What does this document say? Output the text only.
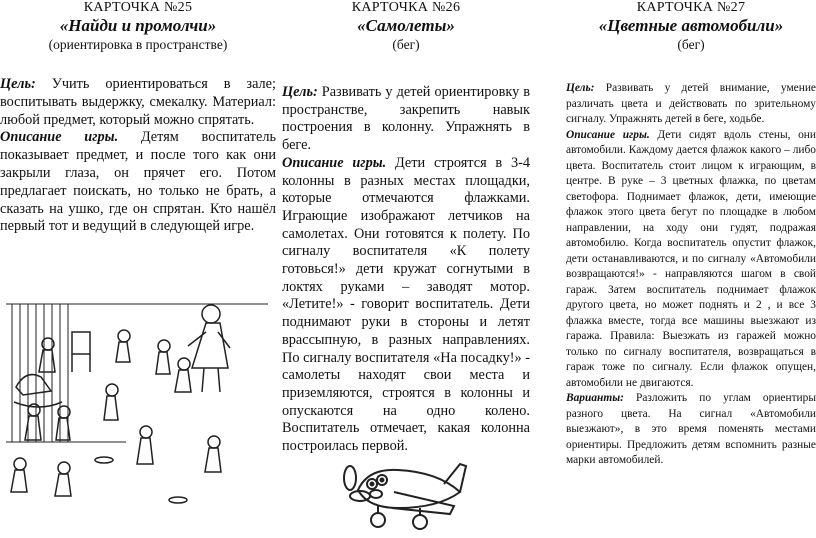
КАРТОЧКА №25
«Найди и промолчи»
(ориентировка в пространстве)
Цель: Учить ориентироваться в зале; воспитывать выдержку, смекалку. Материал: любой предмет, который можно спрятать.
Описание игры. Детям воспитатель показывает предмет, и после того как они закрыли глаза, он прячет его. Потом предлагает поискать, но только не брать, а сказать на ушко, где он спрятан. Кто нашёл первый тот и ведущий в следующей игре.
КАРТОЧКА №26
«Самолеты»
(бег)
Цель: Развивать у детей ориентировку в пространстве, закрепить навык построения в колонну. Упражнять в беге.
Описание игры. Дети строятся в 3-4 колонны в разных местах площадки, которые отмечаются флажками. Играющие изображают летчиков на самолетах. Они готовятся к полету. По сигналу воспитателя «К полету готовься!» дети кружат согнутыми в локтях руками – заводят мотор. «Летите!» - говорит воспитатель. Дети поднимают руки в стороны и летят врассыпную, в разных направлениях. По сигналу воспитателя «На посадку!» - самолеты находят свои места и приземляются, строятся в колонны и опускаются на одно колено. Воспитатель отмечает, какая колонна построилась первой.
КАРТОЧКА №27
«Цветные автомобили»
(бег)
Цель: Развивать у детей внимание, умение различать цвета и действовать по зрительному сигналу. Упражнять детей в беге, ходьбе.
Описание игры. Дети сидят вдоль стены, они автомобили. Каждому дается флажок какого – либо цвета. Воспитатель стоит лицом к играющим, в центре. В руке – 3 цветных флажка, по цветам светофора. Поднимает флажок, дети, имеющие флажок этого цвета бегут по площадке в любом направлении, на ходу они гудят, подражая автомобилю. Когда воспитатель опустит флажок, дети останавливаются, и по сигналу «Автомобили возвращаются!» - направляются шагом в свой гараж. Затем воспитатель поднимает флажок другого цвета, но может поднять и 2 , и все 3 флажка вместе, тогда все машины выезжают из гаража. Правила: Выезжать из гаражей можно только по сигналу воспитателя, возвращаться в гараж тоже по сигналу. Если флажок опущен, автомобили не двигаются.
Варианты: Разложить по углам ориентиры разного цвета. На сигнал «Автомобили выезжают», в это время поменять местами ориентиры. Предложить детям вспомнить разные марки автомобилей.
